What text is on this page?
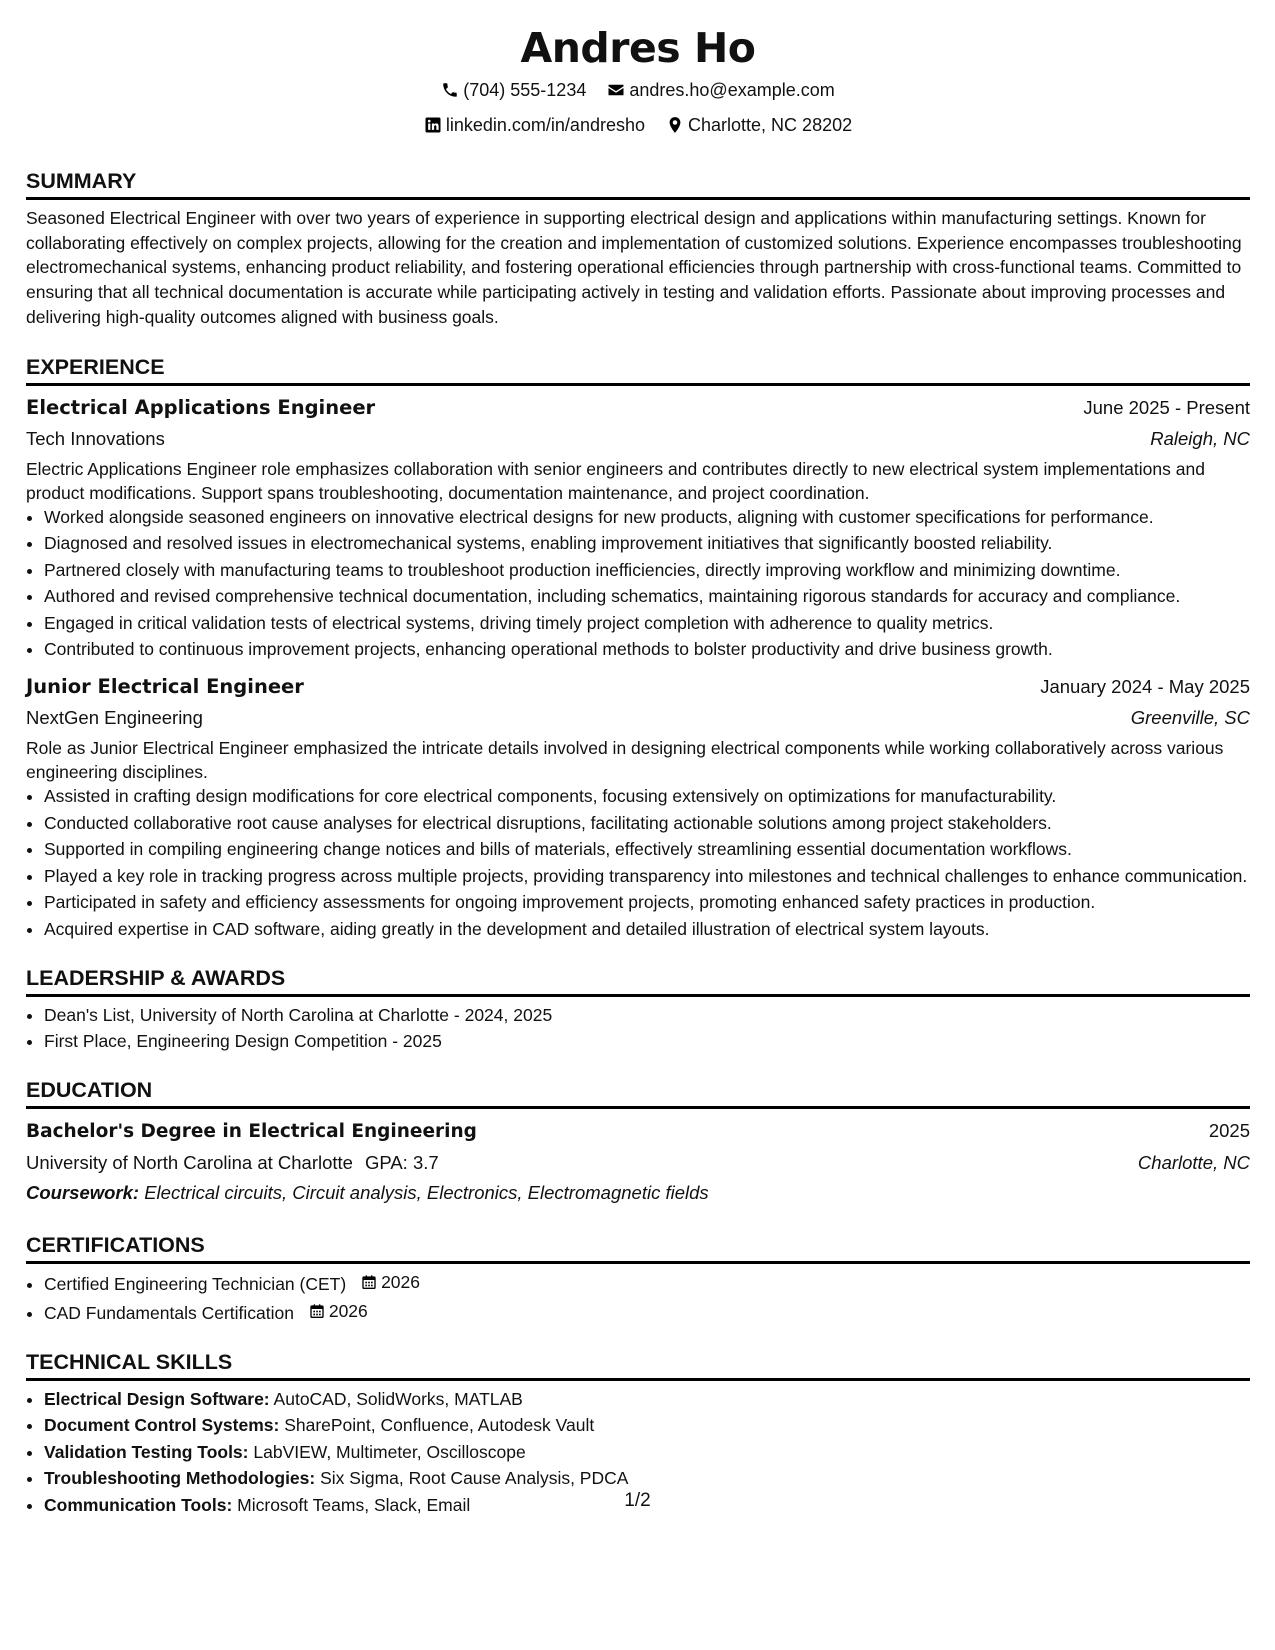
Andres Ho
(704) 555-1234
andres.ho@example.com
linkedin.com/in/andresho
Charlotte, NC 28202
SUMMARY

Seasoned Electrical Engineer with over two years of experience in supporting electrical design and applications within manufacturing settings. Known for collaborating effectively on complex projects, allowing for the creation and implementation of customized solutions. Experience encompasses troubleshooting electromechanical systems, enhancing product reliability, and fostering operational efficiencies through partnership with cross-functional teams. Committed to ensuring that all technical documentation is accurate while participating actively in testing and validation efforts. Passionate about improving processes and delivering high-quality outcomes aligned with business goals.

EXPERIENCE
Electrical Applications Engineer	June 2025 - Present
Tech Innovations	Raleigh, NC
Electric Applications Engineer role emphasizes collaboration with senior engineers and contributes directly to new electrical system implementations and product modifications. Support spans troubleshooting, documentation maintenance, and project coordination.
• Worked alongside seasoned engineers on innovative electrical designs for new products, aligning with customer specifications for performance.
• Diagnosed and resolved issues in electromechanical systems, enabling improvement initiatives that significantly boosted reliability.
• Partnered closely with manufacturing teams to troubleshoot production inefficiencies, directly improving workflow and minimizing downtime.
• Authored and revised comprehensive technical documentation, including schematics, maintaining rigorous standards for accuracy and compliance.
• Engaged in critical validation tests of electrical systems, driving timely project completion with adherence to quality metrics.
• Contributed to continuous improvement projects, enhancing operational methods to bolster productivity and drive business growth.
Junior Electrical Engineer	January 2024 - May 2025
NextGen Engineering	Greenville, SC
Role as Junior Electrical Engineer emphasized the intricate details involved in designing electrical components while working collaboratively across various engineering disciplines.
• Assisted in crafting design modifications for core electrical components, focusing extensively on optimizations for manufacturability.
• Conducted collaborative root cause analyses for electrical disruptions, facilitating actionable solutions among project stakeholders.
• Supported in compiling engineering change notices and bills of materials, effectively streamlining essential documentation workflows.
• Played a key role in tracking progress across multiple projects, providing transparency into milestones and technical challenges to enhance communication.
• Participated in safety and efficiency assessments for ongoing improvement projects, promoting enhanced safety practices in production.
• Acquired expertise in CAD software, aiding greatly in the development and detailed illustration of electrical system layouts.
LEADERSHIP & AWARDS
• Dean's List, University of North Carolina at Charlotte - 2024, 2025
• First Place, Engineering Design Competition - 2025
EDUCATION
Bachelor's Degree in Electrical Engineering	2025
University of North Carolina at Charlotte GPA: 3.7	Charlotte, NC
Coursework: Electrical circuits, Circuit analysis, Electronics, Electromagnetic fields
CERTIFICATIONS
• Certified Engineering Technician (CET) 2026
• CAD Fundamentals Certification 2026
TECHNICAL SKILLS
• Electrical Design Software: AutoCAD, SolidWorks, MATLAB
• Document Control Systems: SharePoint, Confluence, Autodesk Vault
• Validation Testing Tools: LabVIEW, Multimeter, Oscilloscope
• Troubleshooting Methodologies: Six Sigma, Root Cause Analysis, PDCA
• Communication Tools: Microsoft Teams, Slack, Email	1/2
